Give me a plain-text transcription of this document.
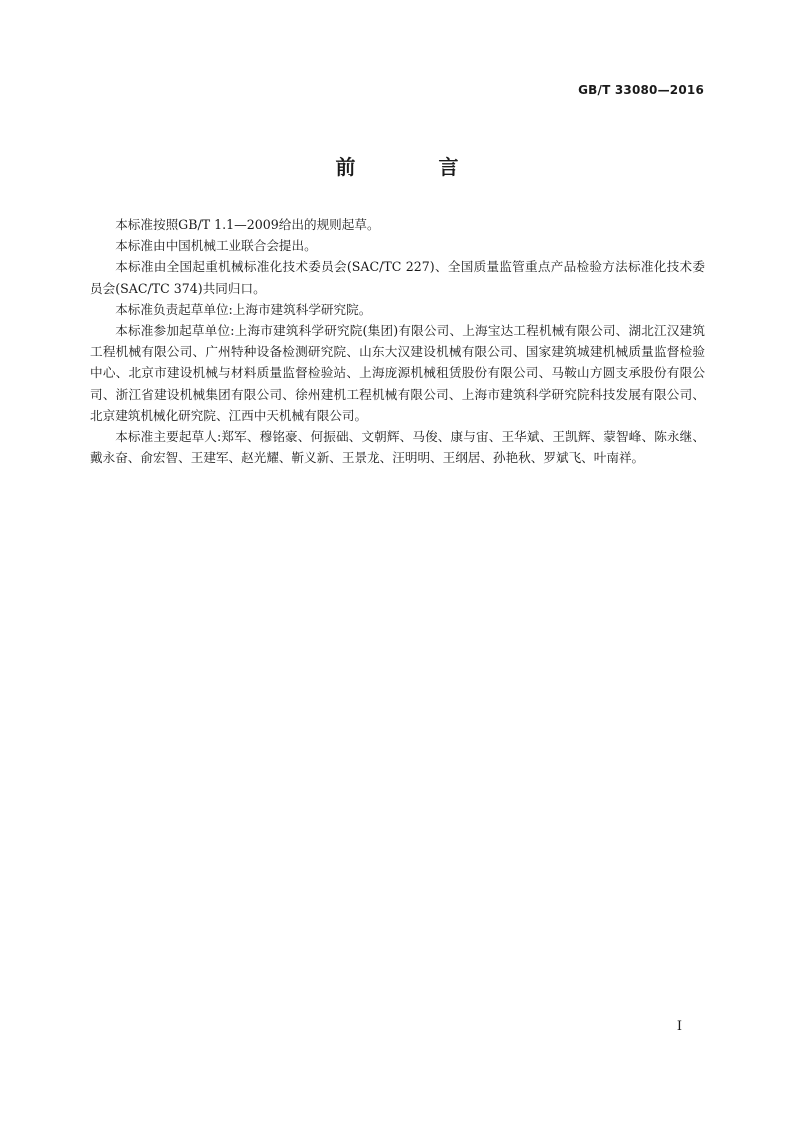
GB/T 33080—2016
前 言

本标准按照GB/T 1.1—2009给出的规则起草。

本标准由中国机械工业联合会提出。

本标准由全国起重机械标准化技术委员会(SAC/TC 227)、全国质量监管重点产品检验方法标准化技术委员会(SAC/TC 374)共同归口。

本标准负责起草单位:上海市建筑科学研究院。

本标准参加起草单位:上海市建筑科学研究院(集团)有限公司、上海宝达工程机械有限公司、湖北江汉建筑工程机械有限公司、广州特种设备检测研究院、山东大汉建设机械有限公司、国家建筑城建机械质量监督检验中心、北京市建设机械与材料质量监督检验站、上海庞源机械租赁股份有限公司、马鞍山方圆支承股份有限公司、浙江省建设机械集团有限公司、徐州建机工程机械有限公司、上海市建筑科学研究院科技发展有限公司、北京建筑机械化研究院、江西中天机械有限公司。

本标准主要起草人:郑军、穆铭豪、何振础、文朝辉、马俊、康与宙、王华斌、王凯辉、蒙智峰、陈永继、戴永奋、俞宏智、王建军、赵光耀、靳义新、王景龙、汪明明、王纲居、孙艳秋、罗斌飞、叶南祥。

I
